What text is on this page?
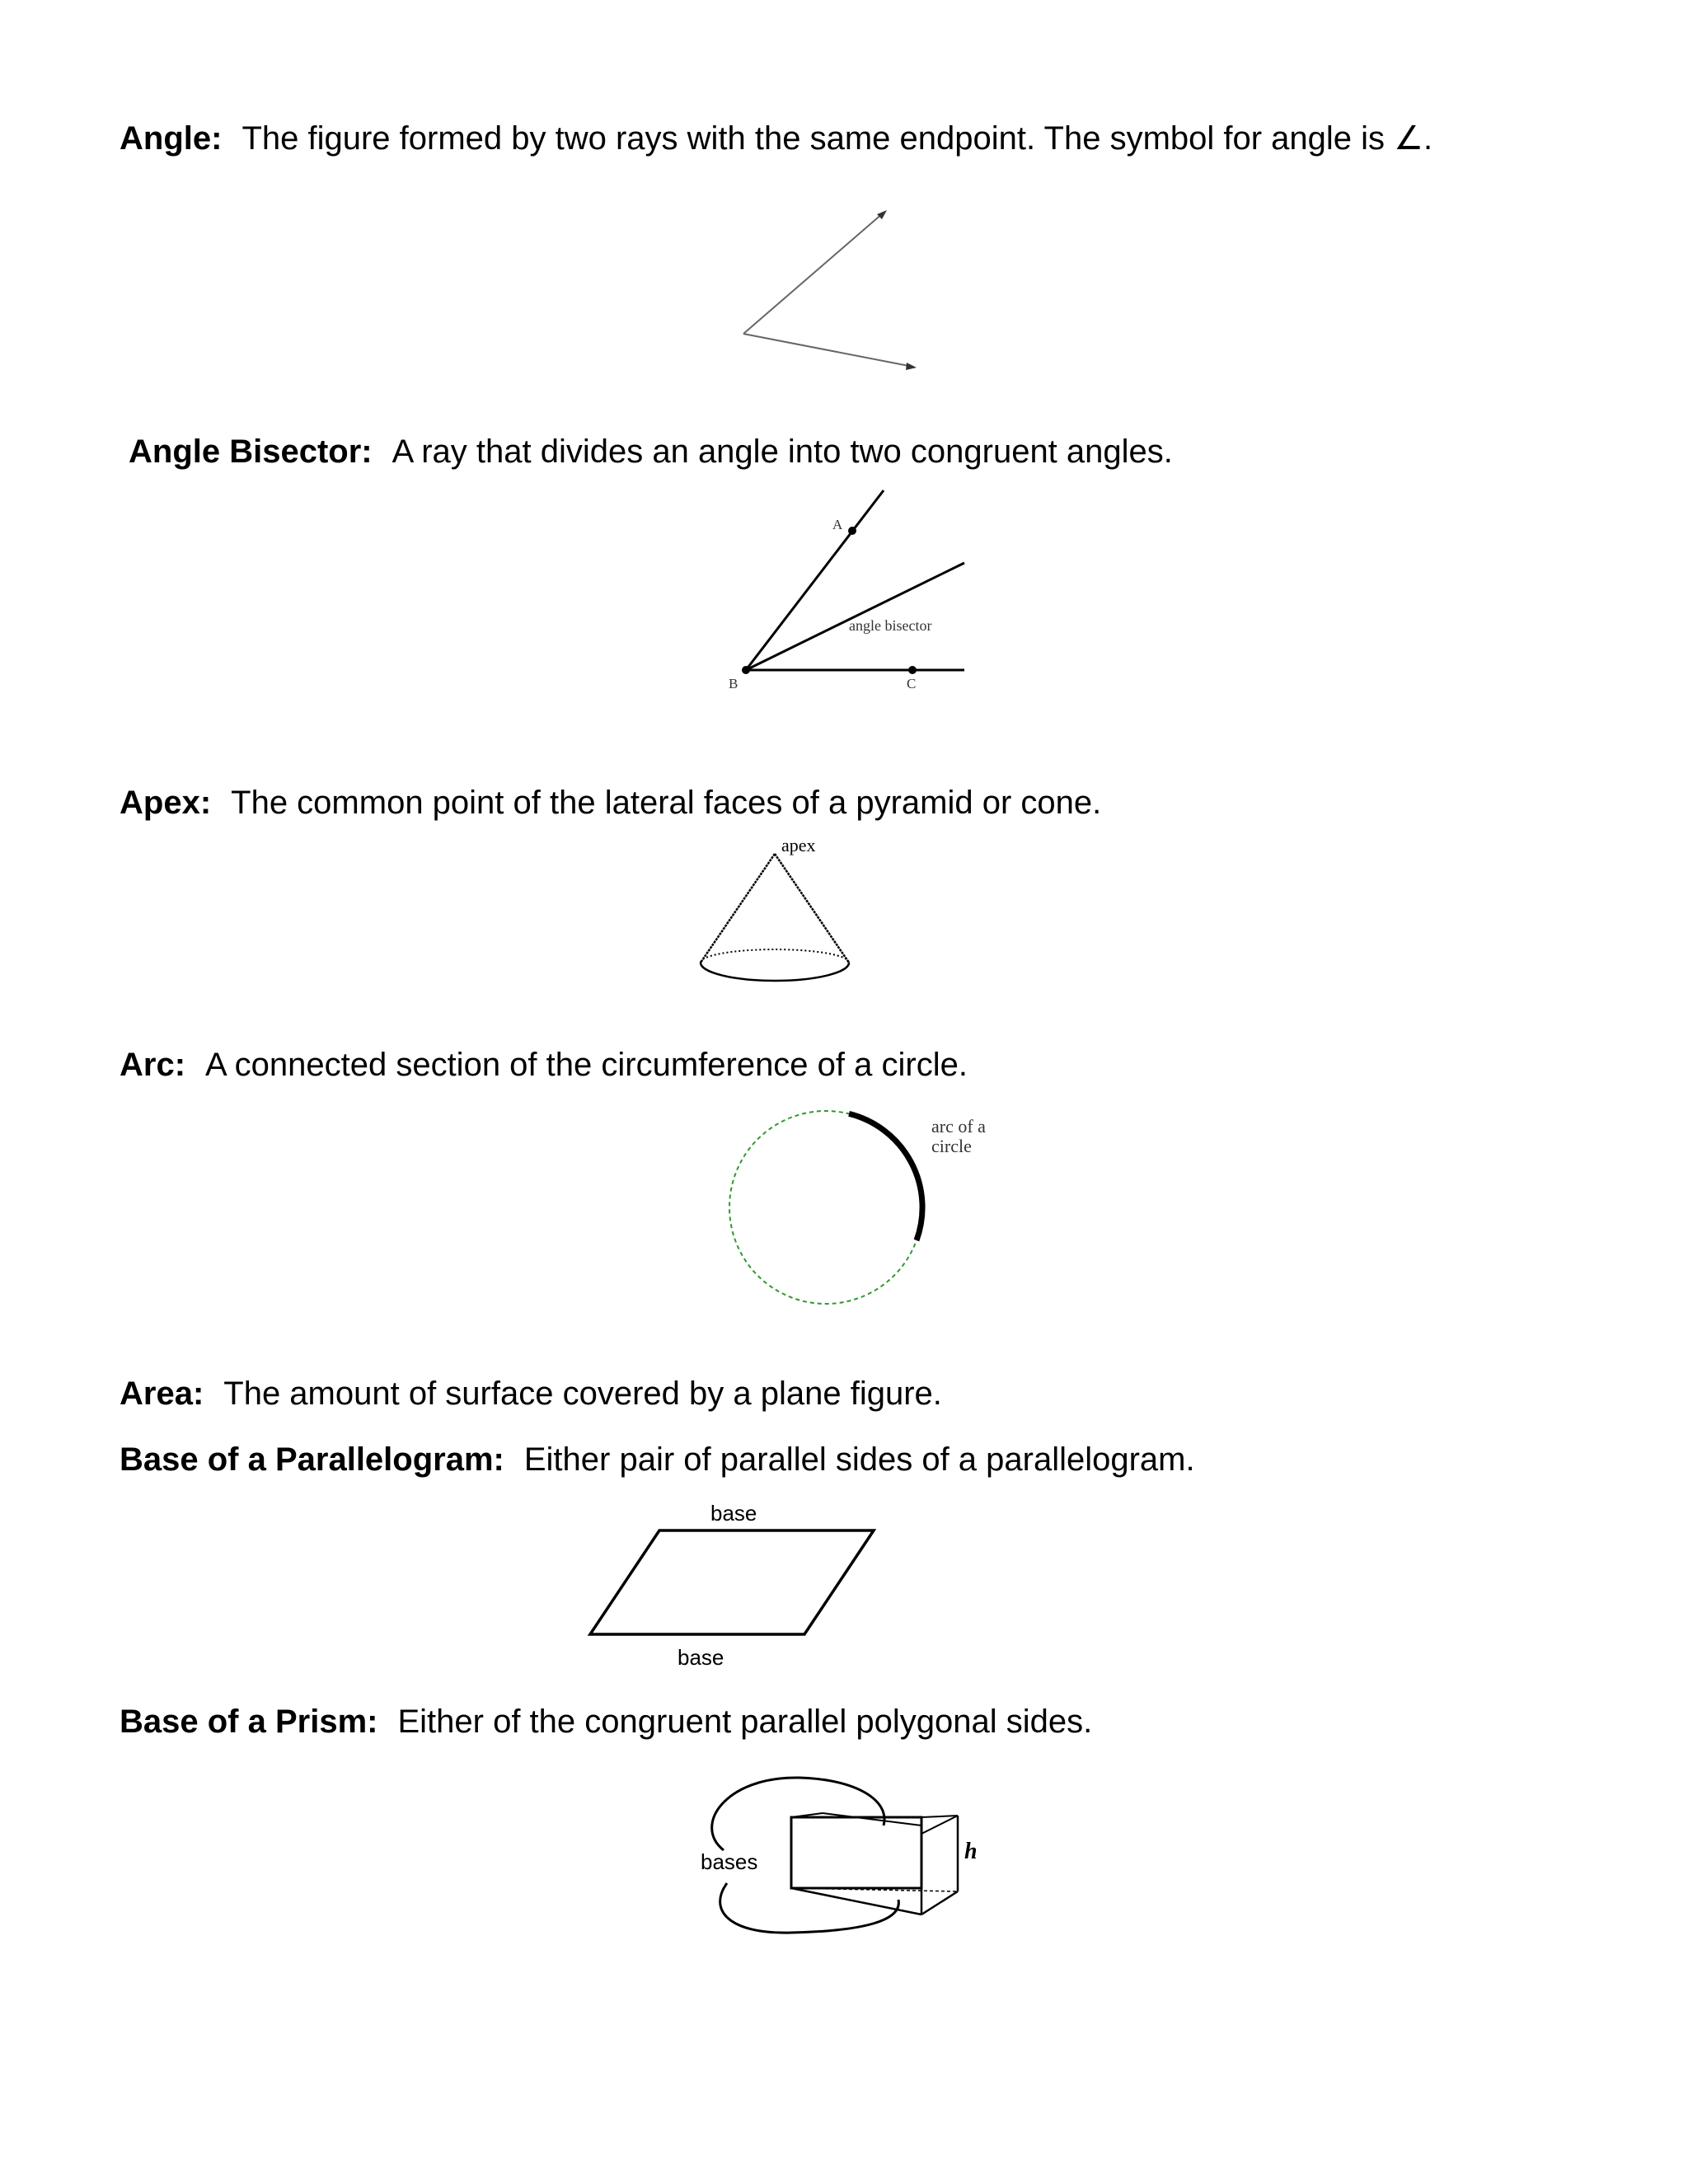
Angle: The figure formed by two rays with the same endpoint. The symbol for angle is ∠.
Angle Bisector: A ray that divides an angle into two congruent angles.
A
B	C
angle bisector
Apex: The common point of the lateral faces of a pyramid or cone.
apex
Arc: A connected section of the circumference of a circle.
arc of a
circle
Area: The amount of surface covered by a plane figure.
Base of a Parallelogram: Either pair of parallel sides of a parallelogram.
base
base
Base of a Prism: Either of the congruent parallel polygonal sides.
bases	h
